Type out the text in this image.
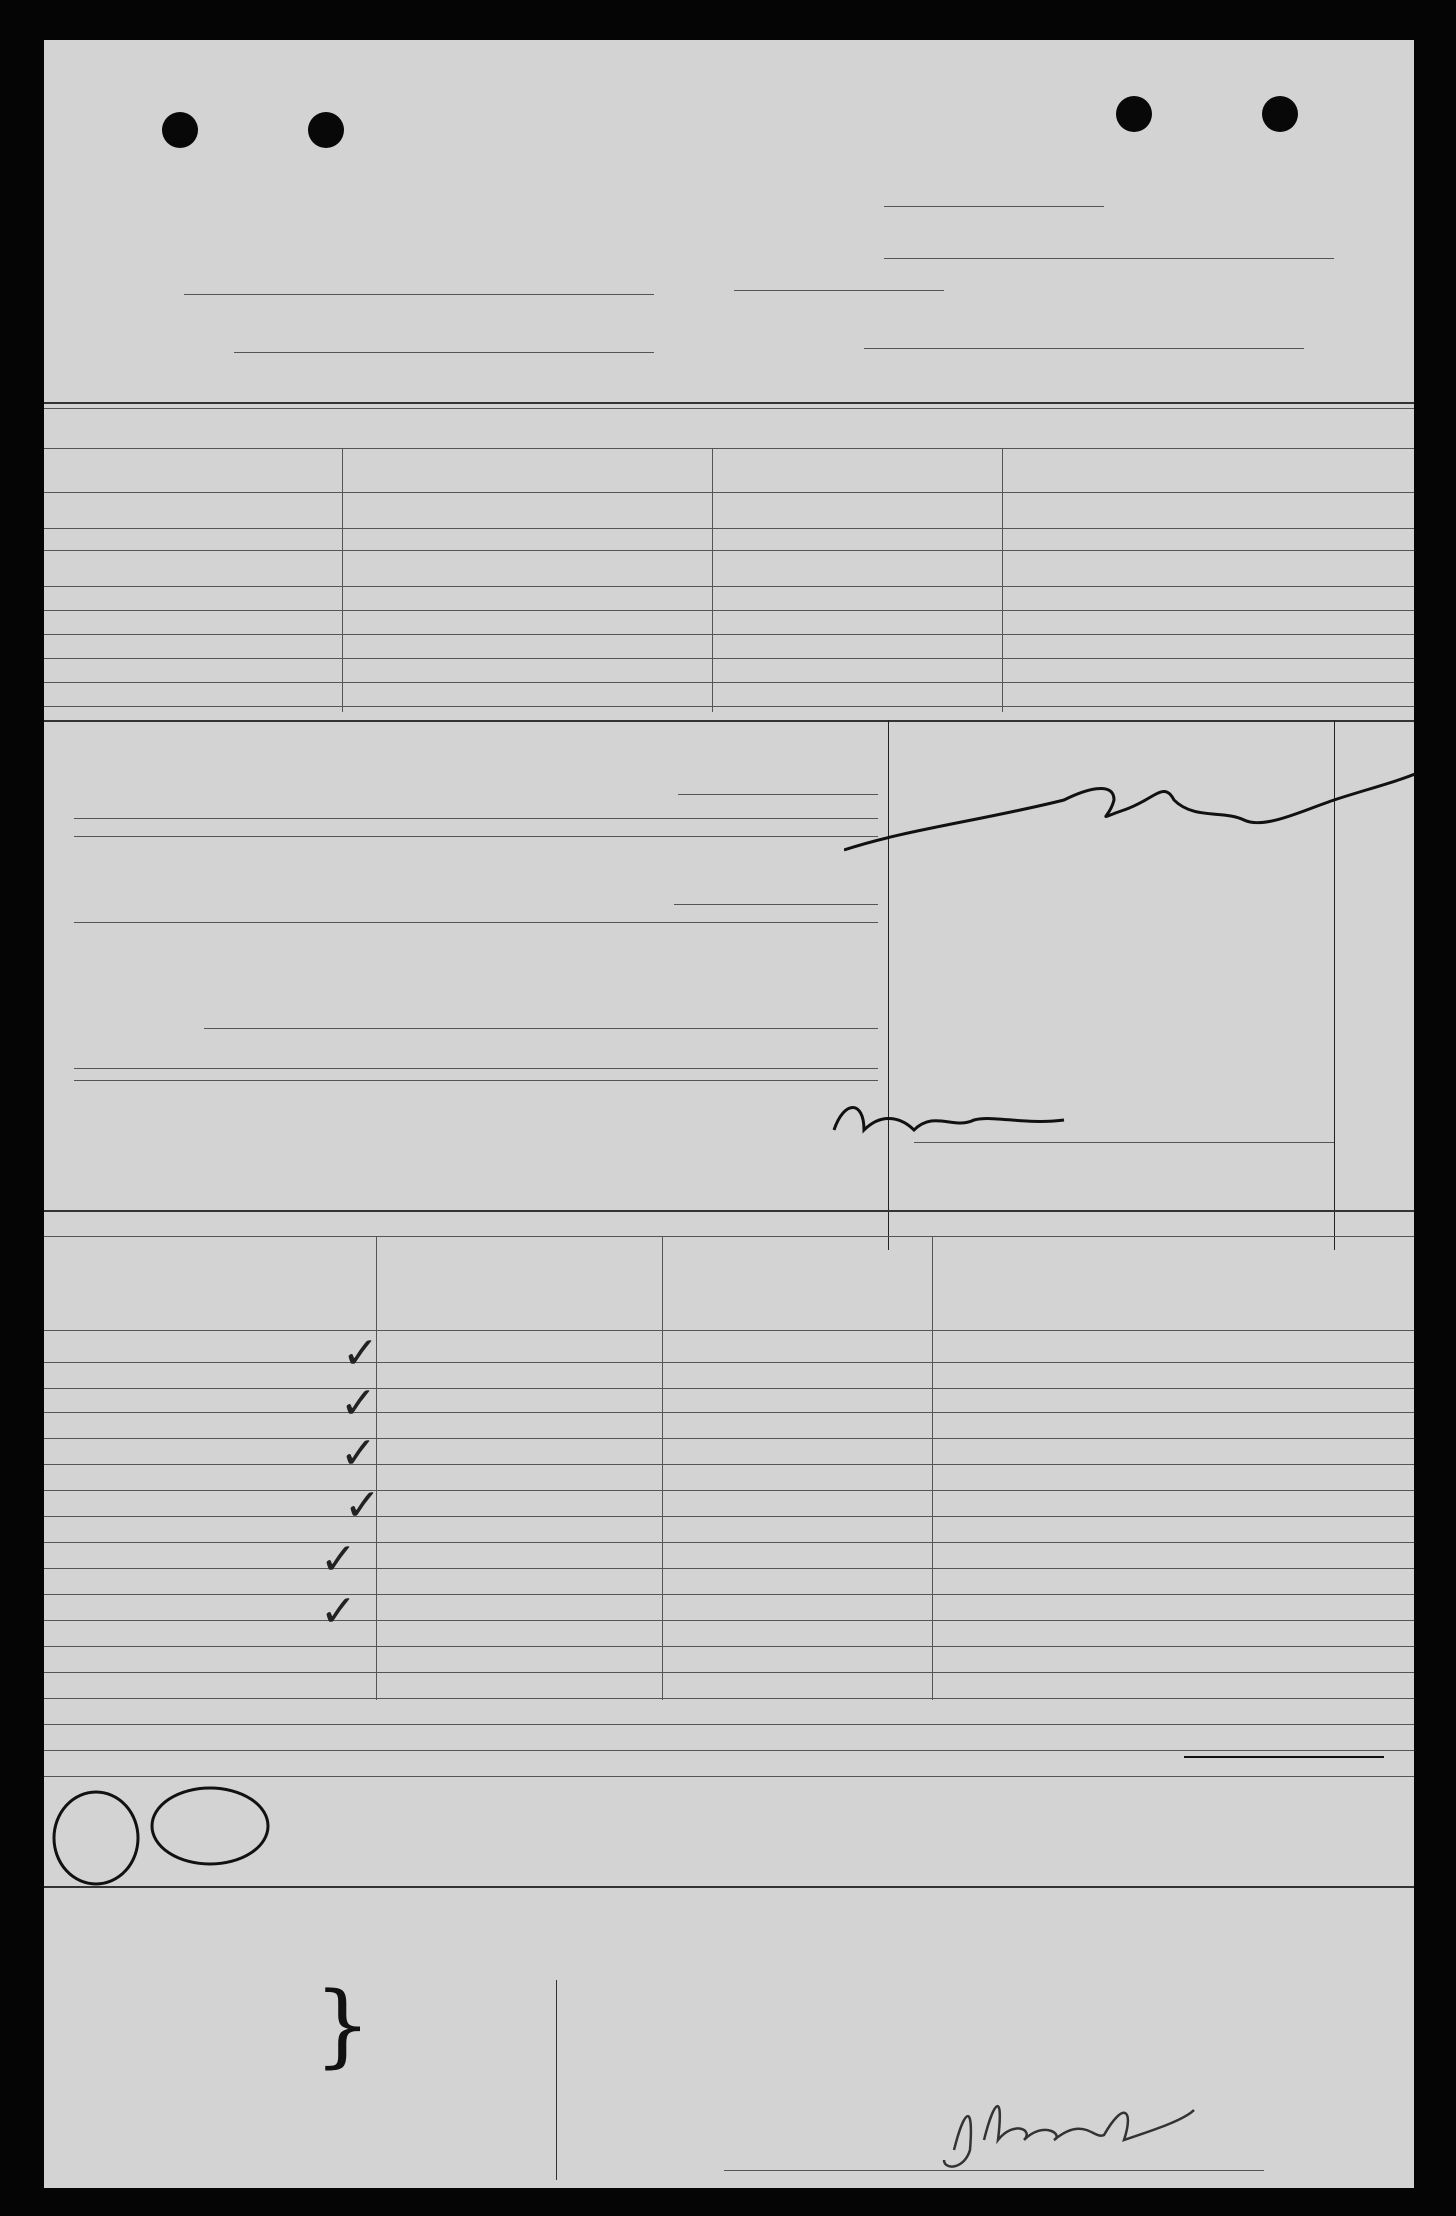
✓
✓
✓
✓
✓
✓
}
